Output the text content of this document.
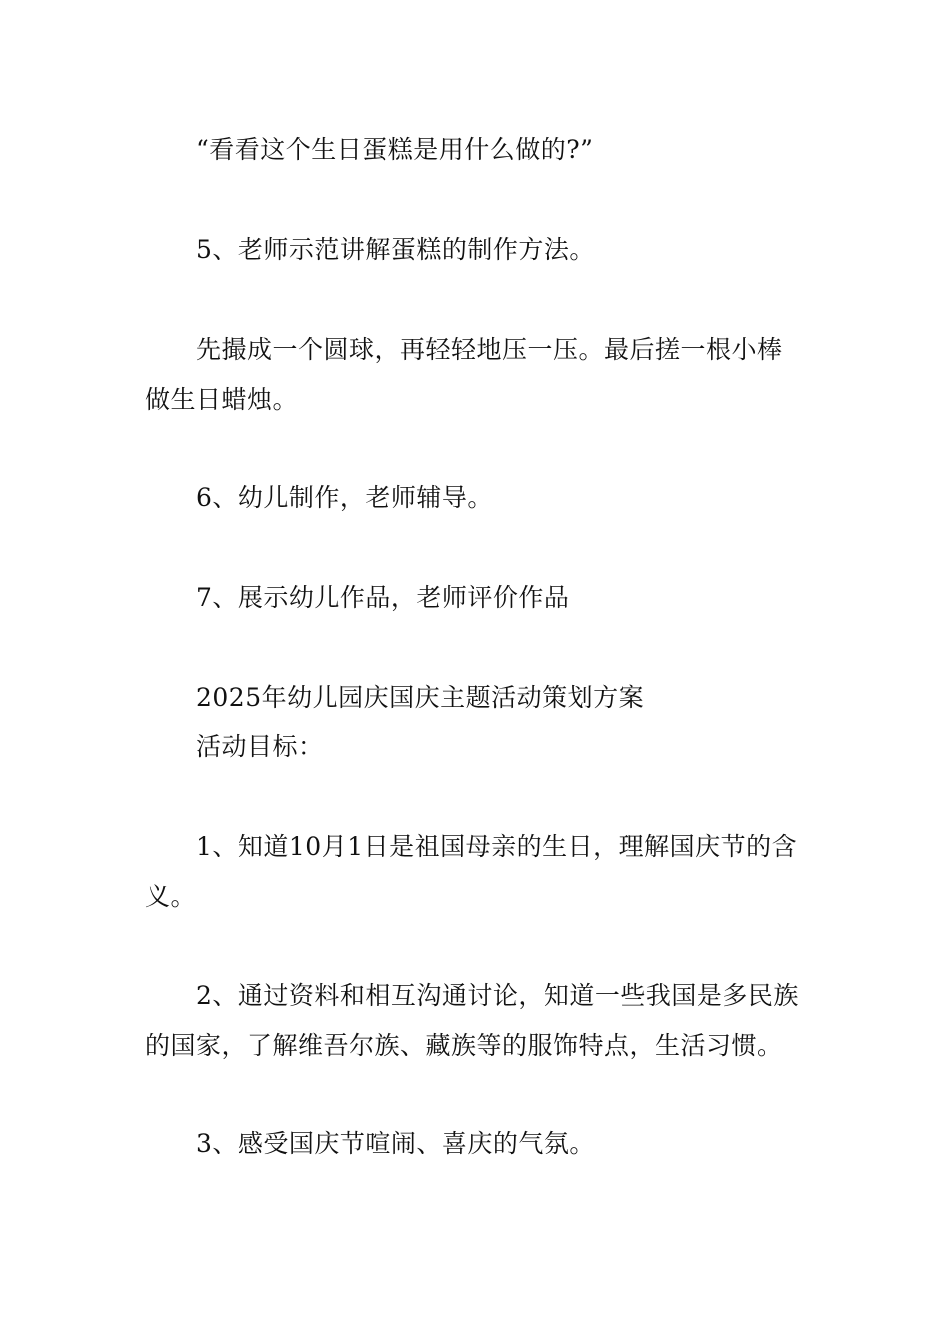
“看看这个生日蛋糕是用什么做的?”
5、老师示范讲解蛋糕的制作方法。
先撮成一个圆球，再轻轻地压一压。最后搓一根小棒
做生日蜡烛。
6、幼儿制作，老师辅导。
7、展示幼儿作品，老师评价作品
2025年幼儿园庆国庆主题活动策划方案
活动目标：
1、知道10月1日是祖国母亲的生日，理解国庆节的含
义。
2、通过资料和相互沟通讨论，知道一些我国是多民族
的国家，了解维吾尔族、藏族等的服饰特点，生活习惯。
3、感受国庆节喧闹、喜庆的气氛。
